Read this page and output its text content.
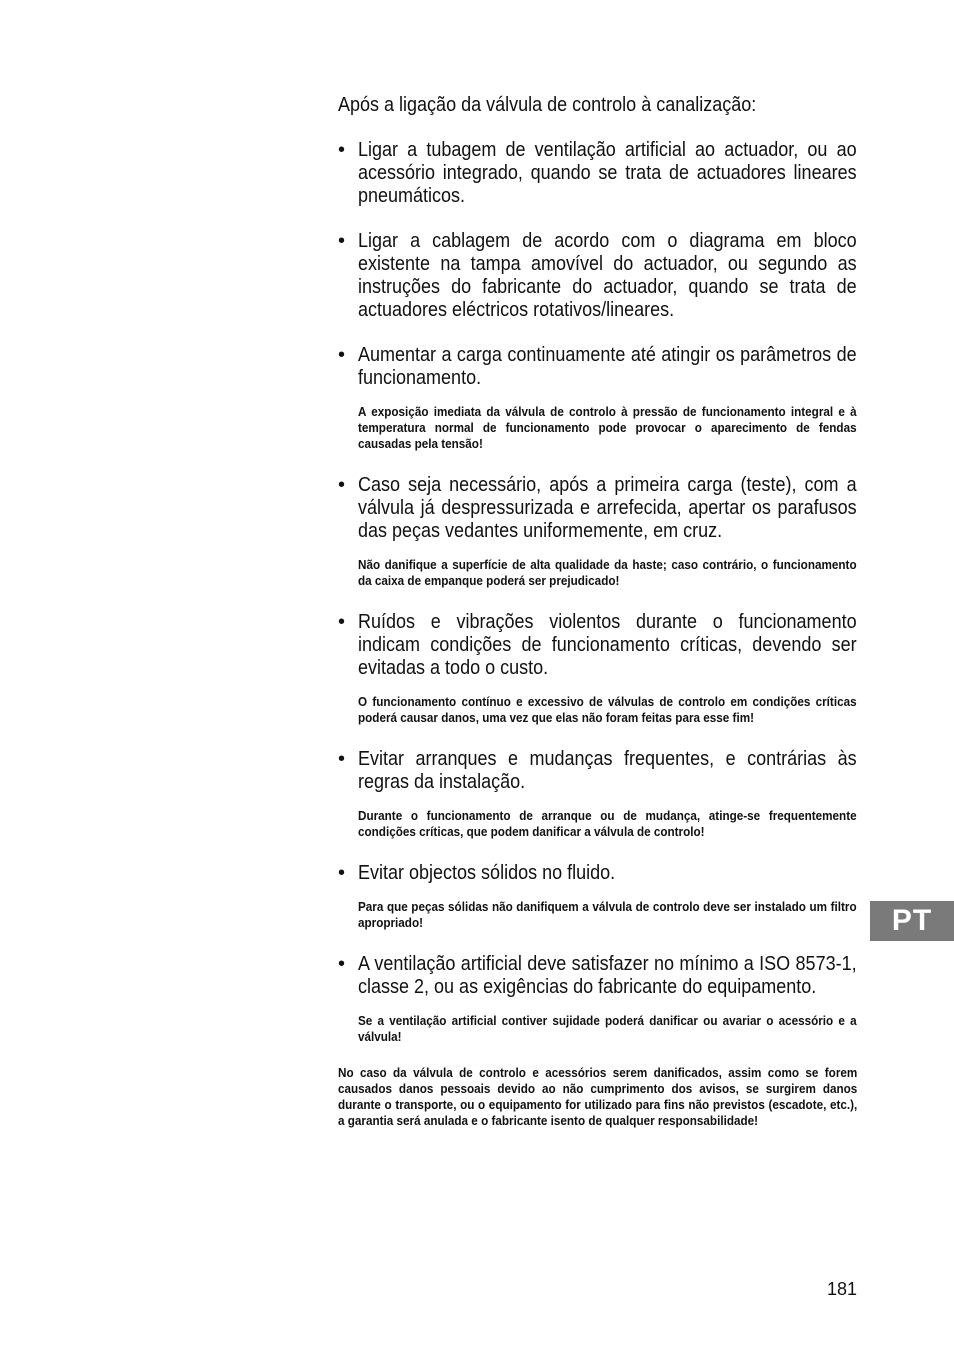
Após a ligação da válvula de controlo à canalização:

• Ligar a tubagem de ventilação artificial ao actuador, ou ao acessório integrado, quando se trata de actuadores lineares pneumáticos.
• Ligar a cablagem de acordo com o diagrama em bloco existente na tampa amovível do actuador, ou segundo as instruções do fabricante do actuador, quando se trata de actuadores eléctricos rotativos/lineares.
• Aumentar a carga continuamente até atingir os parâmetros de funcionamento.
A exposição imediata da válvula de controlo à pressão de funcionamento integral e à temperatura normal de funcionamento pode provocar o aparecimento de fendas causadas pela tensão!
• Caso seja necessário, após a primeira carga (teste), com a válvula já despressurizada e arrefecida, apertar os parafusos das peças vedantes uniformemente, em cruz.
Não danifique a superfície de alta qualidade da haste; caso contrário, o funcionamento da caixa de empanque poderá ser prejudicado!
• Ruídos e vibrações violentos durante o funcionamento indicam condições de funcionamento críticas, devendo ser evitadas a todo o custo.
O funcionamento contínuo e excessivo de válvulas de controlo em condições críticas poderá causar danos, uma vez que elas não foram feitas para esse fim!
• Evitar arranques e mudanças frequentes, e contrárias às regras da instalação.
Durante o funcionamento de arranque ou de mudança, atinge-se frequentemente condições críticas, que podem danificar a válvula de controlo!
• Evitar objectos sólidos no fluido.
Para que peças sólidas não danifiquem a válvula de controlo deve ser instalado um filtro apropriado!
• A ventilação artificial deve satisfazer no mínimo a ISO 8573-1, classe 2, ou as exigências do fabricante do equipamento.
Se a ventilação artificial contiver sujidade poderá danificar ou avariar o acessório e a válvula!
No caso da válvula de controlo e acessórios serem danificados, assim como se forem causados danos pessoais devido ao não cumprimento dos avisos, se surgirem danos durante o transporte, ou o equipamento for utilizado para fins não previstos (escadote, etc.), a garantia será anulada e o fabricante isento de qualquer responsabilidade!
PT
181
